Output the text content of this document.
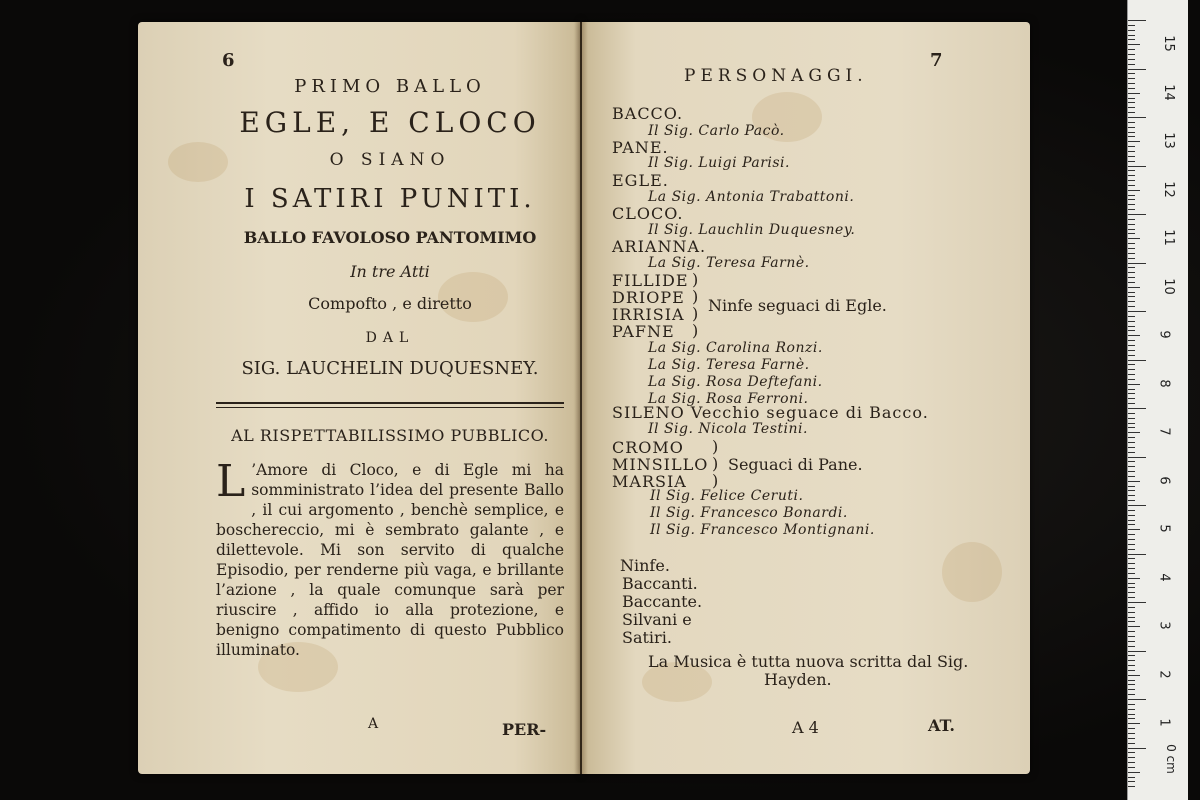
6
PRIMO BALLO
EGLE, E CLOCO
O SIANO
I SATIRI PUNITI.
BALLO FAVOLOSO PANTOMIMO
In tre Atti
Compofto , e diretto
DAL
SIG. LAUCHELIN DUQUESNEY.
AL RISPETTABILISSIMO PUBBLICO.
L ’Amore di Cloco, e di Egle mi ha somministrato l’idea del presente Ballo , il cui argomento , benchè semplice, e boschereccio, mi è sembrato galante , e dilettevole. Mi son servito di qualche Episodio, per renderne più vaga, e brillante l’azione , la quale comunque sarà per riuscire , affido io alla protezione, e benigno compatimento di questo Pubblico illuminato.
A	PER-
PERSONAGGI.
7
BACCO.
Il Sig. Carlo Pacò.
PANE.
Il Sig. Luigi Parisi.
EGLE.
La Sig. Antonia Trabattoni.
CLOCO.
Il Sig. Lauchlin Duquesney.
ARIANNA.
La Sig. Teresa Farnè.
FILLIDE
DRIOPE
IRRISIA
PAFNE
)
)
)
)
Ninfe seguaci di Egle.
La Sig. Carolina Ronzi.
La Sig. Teresa Farnè.
La Sig. Rosa Deftefani.
La Sig. Rosa Ferroni.
SILENO Vecchio seguace di Bacco.
Il Sig. Nicola Testini.
CROMO
MINSILLO
MARSIA
)
)
)
Seguaci di Pane.
Il Sig. Felice Ceruti.
Il Sig. Francesco Bonardi.
Il Sig. Francesco Montignani.
Ninfe.
Baccanti.
Baccante.
Silvani e
Satiri.
La Musica è tutta nuova scritta dal Sig.
Hayden.
A 4	AT.
15
14
13
12
11
10
9
8
7
6
5
4
3
2
1
0 cm
